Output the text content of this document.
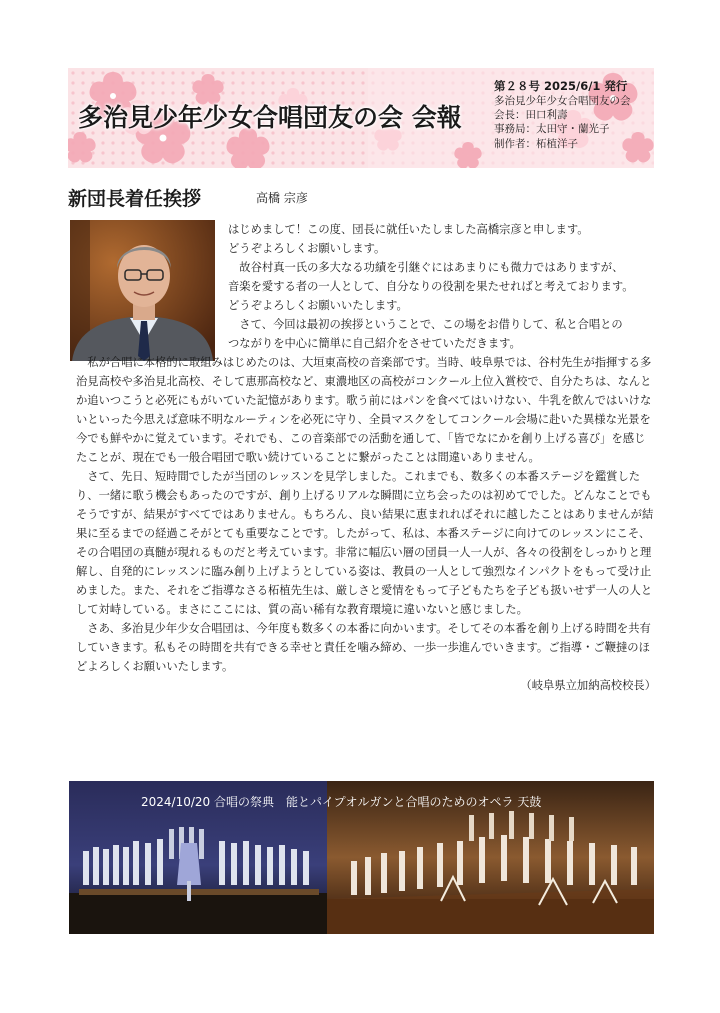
多治見少年少女合唱団友の会 会報
第２８号 2025/6/1 発行
多治見少年少女合唱団友の会
会長：田口利壽
事務局：太田守・蘭光子
制作者：柘植洋子
新団長着任挨拶	高橋 宗彦

はじめまして！この度、団長に就任いたしました高橋宗彦と申します。

どうぞよろしくお願いします。

　故谷村真一氏の多大なる功績を引継ぐにはあまりにも微力ではありますが、

音楽を愛する者の一人として、自分なりの役割を果たせればと考えております。

どうぞよろしくお願いいたします。

　さて、今回は最初の挨拶ということで、この場をお借りして、私と合唱との

つながりを中心に簡単に自己紹介をさせていただきます。

私が合唱に本格的に取組みはじめたのは、大垣東高校の音楽部です。当時、岐阜県では、谷村先生が指揮する多治見高校や多治見北高校、そして恵那高校など、東濃地区の高校がコンクール上位入賞校で、自分たちは、なんとか追いつこうと必死にもがいていた記憶があります。歌う前にはパンを食べてはいけない、牛乳を飲んではいけないといった今思えば意味不明なルーティンを必死に守り、全員マスクをしてコンクール会場に赴いた異様な光景を今でも鮮やかに覚えています。それでも、この音楽部での活動を通して、「皆でなにかを創り上げる喜び」を感じたことが、現在でも一般合唱団で歌い続けていることに繋がったことは間違いありません。

さて、先日、短時間でしたが当団のレッスンを見学しました。これまでも、数多くの本番ステージを鑑賞したり、一緒に歌う機会もあったのですが、創り上げるリアルな瞬間に立ち会ったのは初めてでした。どんなことでもそうですが、結果がすべてではありません。もちろん、良い結果に恵まれればそれに越したことはありませんが結果に至るまでの経過こそがとても重要なことです。したがって、私は、本番ステージに向けてのレッスンにこそ、その合唱団の真髄が現れるものだと考えています。非常に幅広い層の団員一人一人が、各々の役割をしっかりと理解し、自発的にレッスンに臨み創り上げようとしている姿は、教員の一人として強烈なインパクトをもって受け止めました。また、それをご指導なさる柘植先生は、厳しさと愛情をもって子どもたちを子ども扱いせず一人の人として対峙している。まさにここには、質の高い稀有な教育環境に違いないと感じました。

さあ、多治見少年少女合唱団は、今年度も数多くの本番に向かいます。そしてその本番を創り上げる時間を共有していきます。私もその時間を共有できる幸せと責任を噛み締め、一歩一歩進んでいきます。ご指導・ご鞭撻のほどよろしくお願いいたします。

（岐阜県立加納高校校長）

2024/10/20 合唱の祭典　能とパイプオルガンと合唱のためのオペラ 天鼓
